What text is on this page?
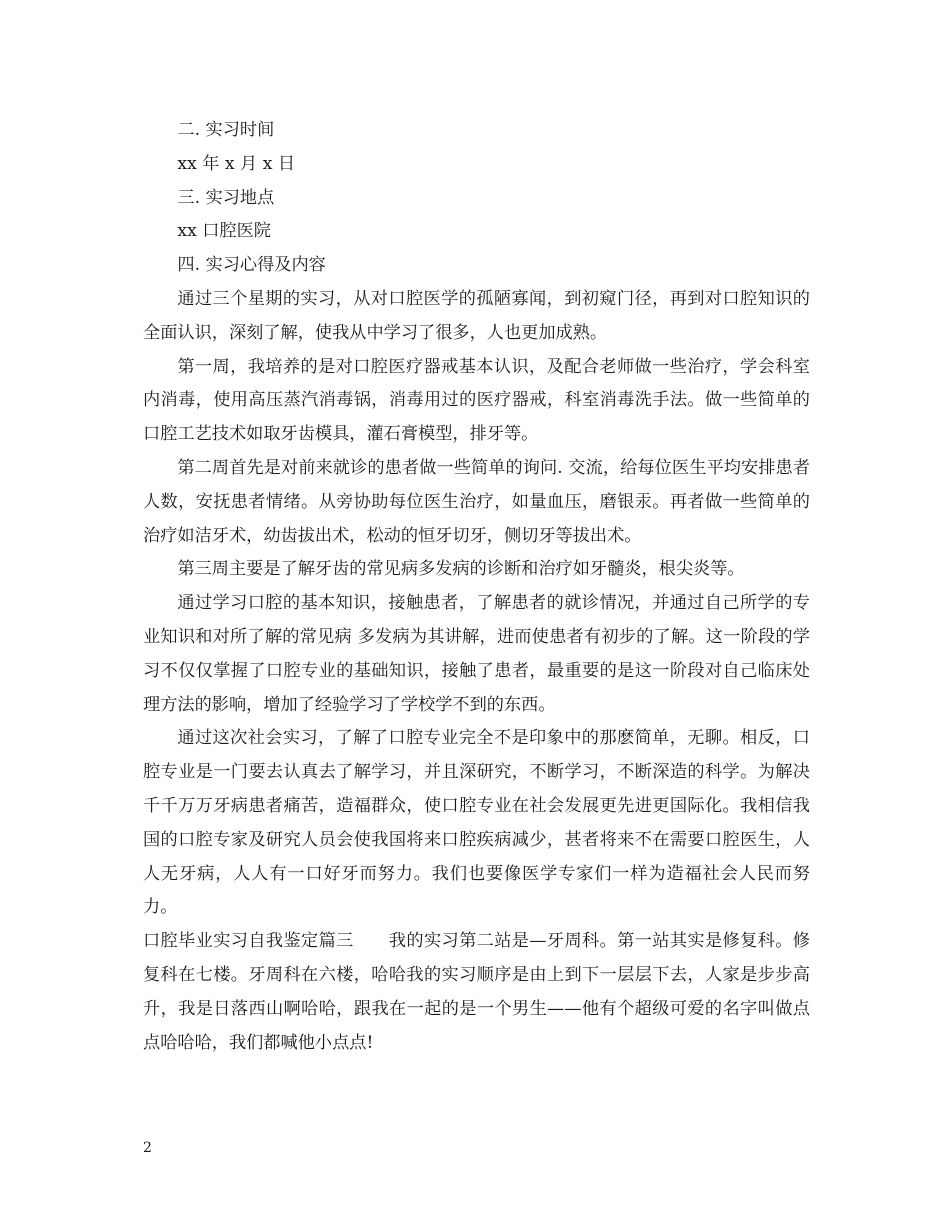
二. 实习时间
xx 年 x 月 x 日
三. 实习地点
xx 口腔医院
四. 实习心得及内容

通过三个星期的实习，从对口腔医学的孤陋寡闻，到初窥门径，再到对口腔知识的全面认识，深刻了解，使我从中学习了很多，人也更加成熟。

第一周，我培养的是对口腔医疗器戒基本认识，及配合老师做一些治疗，学会科室内消毒，使用高压蒸汽消毒锅，消毒用过的医疗器戒，科室消毒洗手法。做一些简单的口腔工艺技术如取牙齿模具，灌石膏模型，排牙等。

第二周首先是对前来就诊的患者做一些简单的询问. 交流，给每位医生平均安排患者人数，安抚患者情绪。从旁协助每位医生治疗，如量血压，磨银汞。再者做一些简单的治疗如洁牙术，幼齿拔出术，松动的恒牙切牙，侧切牙等拔出术。

第三周主要是了解牙齿的常见病多发病的诊断和治疗如牙髓炎，根尖炎等。

通过学习口腔的基本知识，接触患者，了解患者的就诊情况，并通过自己所学的专业知识和对所了解的常见病 多发病为其讲解，进而使患者有初步的了解。这一阶段的学习不仅仅掌握了口腔专业的基础知识，接触了患者，最重要的是这一阶段对自己临床处理方法的影响，增加了经验学习了学校学不到的东西。

通过这次社会实习，了解了口腔专业完全不是印象中的那麽简单，无聊。相反，口腔专业是一门要去认真去了解学习，并且深研究，不断学习，不断深造的科学。为解决千千万万牙病患者痛苦，造福群众，使口腔专业在社会发展更先进更国际化。我相信我国的口腔专家及研究人员会使我国将来口腔疾病减少，甚者将来不在需要口腔医生，人人无牙病，人人有一口好牙而努力。我们也要像医学专家们一样为造福社会人民而努力。

口腔毕业实习自我鉴定篇三　　我的实习第二站是—牙周科。第一站其实是修复科。修复科在七楼。牙周科在六楼，哈哈我的实习顺序是由上到下一层层下去，人家是步步高升，我是日落西山啊哈哈，跟我在一起的是一个男生——他有个超级可爱的名字叫做点点哈哈哈，我们都喊他小点点!

2
